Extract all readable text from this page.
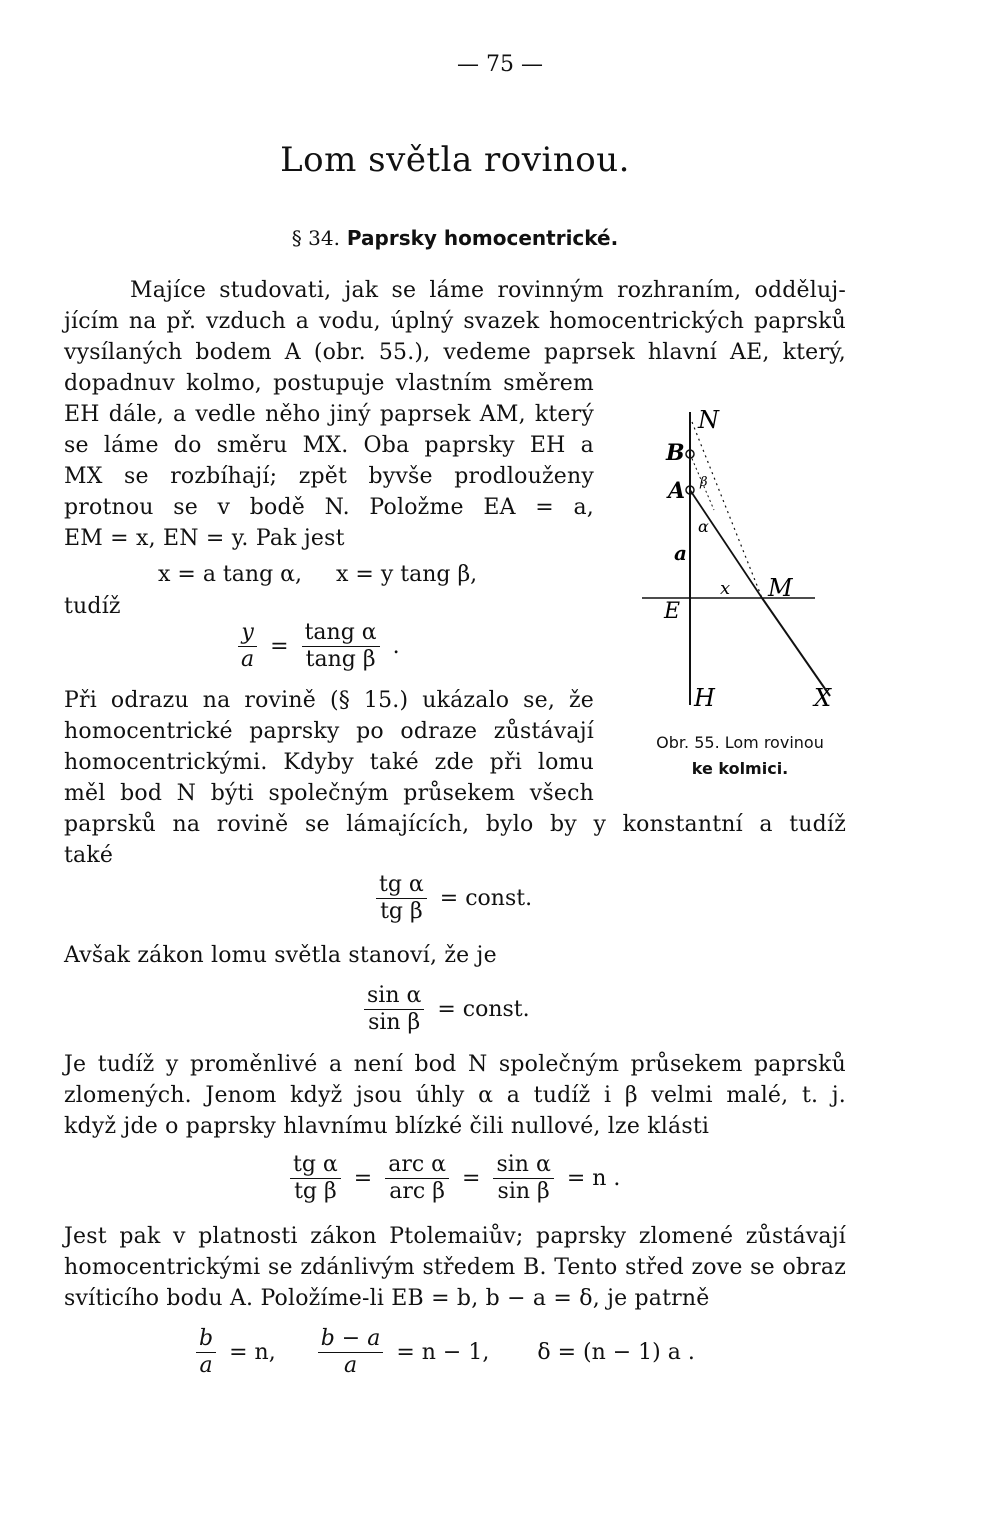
— 75 —
Lom světla rovinou.
§ 34. Paprsky homocentrické.
Majíce studovati, jak se láme rovinným rozhraním, odděluj-
jícím na př. vzduch a vodu, úplný svazek homocentrických paprsků
vysílaných bodem A (obr. 55.), vedeme paprsek hlavní AE, který,
dopadnuv kolmo, postupuje vlastním směrem
EH dále, a vedle něho jiný paprsek AM, který
se láme do směru MX. Oba paprsky EH a
MX se rozbíhají; zpět byvše prodlouženy
protnou se v bodě N. Položme EA = a,
EM = x, EN = y. Pak jest
x = a tang α, x = y tang β,
tudíž
$\frac{y}{a} = \frac{\text{tang α}}{\text{tang β}}$ .
Při odrazu na rovině (§ 15.) ukázalo se, že
homocentrické paprsky po odraze zůstávají
homocentrickými. Kdyby také zde při lomu
měl bod N býti společným průsekem všech
paprsků na rovině se lámajících, bylo by y konstantní a tudíž
také
$\frac{\text{tg α}}{\text{tg β}}$ = const.
Avšak zákon lomu světla stanoví, že je
$\frac{\text{sin α}}{\text{sin β}}$ = const.
Je tudíž y proměnlivé a není bod N společným průsekem paprsků
zlomených. Jenom když jsou úhly α a tudíž i β velmi malé, t. j.
když jde o paprsky hlavnímu blízké čili nullové, lze klásti
$\frac{\text{tg α}}{\text{tg β}} = \frac{\text{arc α}}{\text{arc β}} = \frac{\text{sin α}}{\text{sin β}} = n$ .
Jest pak v platnosti zákon Ptolemaiův; paprsky zlomené zůstávají
homocentrickými se zdánlivým středem B. Tento střed zove se obraz
svíticího bodu A. Položíme-li EB = b, b − a = δ, je patrně
$\frac{b}{a} = n$, $\frac{b - a}{a} = n - 1$, δ = (n − 1) a .
N
B
A β
α
a
x M
E
H	X
Obr. 55. Lom rovinou
ke kolmici.
